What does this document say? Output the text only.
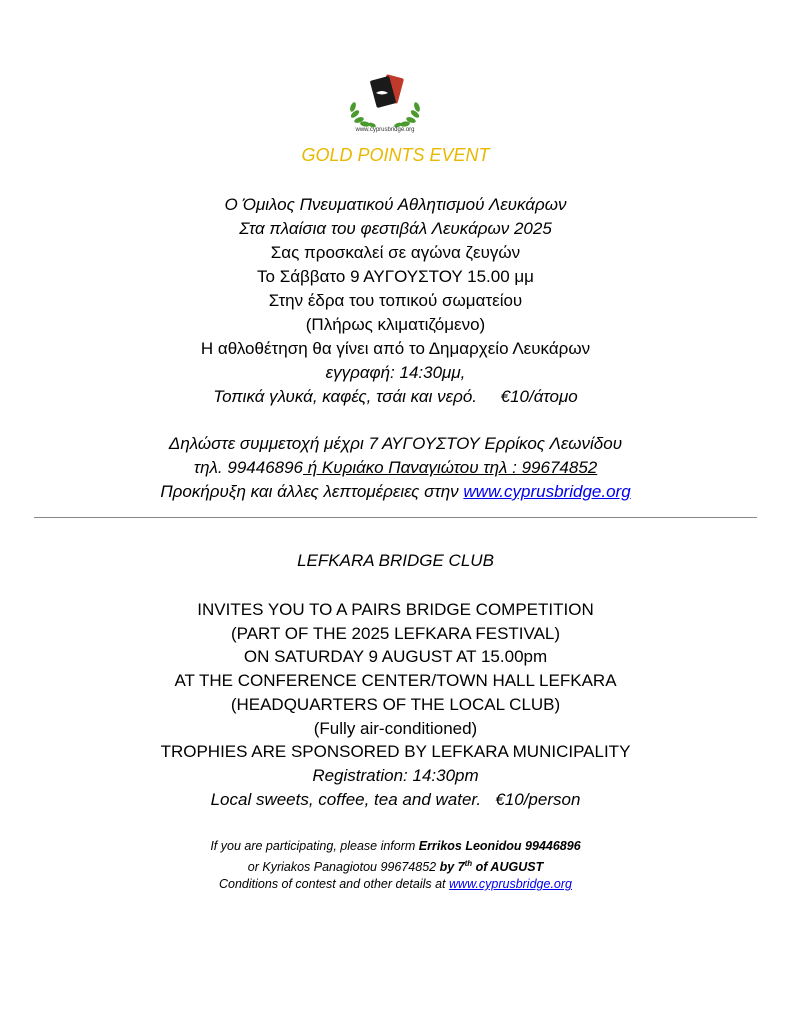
www.cyprusbridge.org
GOLD POINTS EVENT
Ο Όμιλος Πνευματικού Αθλητισμού Λευκάρων
Στα πλαίσια του φεστιβάλ Λευκάρων 2025
Σας προσκαλεί σε αγώνα ζευγών
Το Σάββατο 9 ΑΥΓΟΥΣΤΟΥ 15.00 μμ
Στην έδρα του τοπικού σωματείου
(Πλήρως κλιματιζόμενο)
Η αθλοθέτηση θα γίνει από το Δημαρχείο Λευκάρων
εγγραφή: 14:30μμ,
Τοπικά γλυκά, καφές, τσάι και νερό. €10/άτομο
Δηλώστε συμμετοχή μέχρι 7 ΑΥΓΟΥΣΤΟΥ Ερρίκος Λεωνίδου
τηλ. 99446896 ή Κυριάκο Παναγιώτου τηλ : 99674852
Προκήρυξη και άλλες λεπτομέρειες στην www.cyprusbridge.org
LEFKARA BRIDGE CLUB
INVITES YOU TO A PAIRS BRIDGE COMPETITION
(PART OF THE 2025 LEFKARA FESTIVAL)
ON SATURDAY 9 AUGUST AT 15.00pm
AT THE CONFERENCE CENTER/TOWN HALL LEFKARA
(HEADQUARTERS OF THE LOCAL CLUB)
(Fully air-conditioned)
TROPHIES ARE SPONSORED BY LEFKARA MUNICIPALITY
Registration: 14:30pm
Local sweets, coffee, tea and water. €10/person
If you are participating, please inform Errikos Leonidou 99446896
or Kyriakos Panagiotou 99674852 by 7th of AUGUST
Conditions of contest and other details at www.cyprusbridge.org
